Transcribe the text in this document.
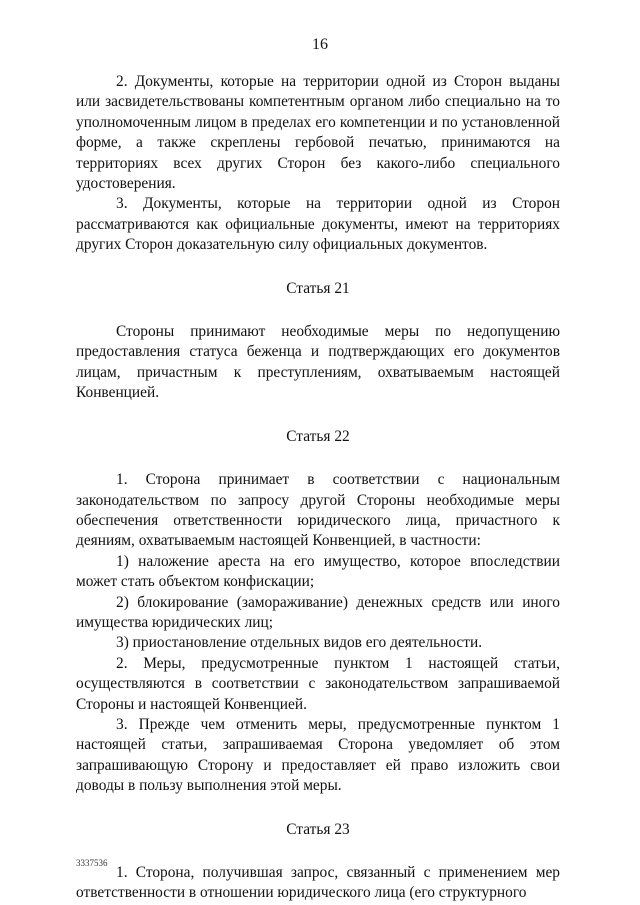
16

2. Документы, которые на территории одной из Сторон выданы или засвидетельствованы компетентным органом либо специально на то уполномоченным лицом в пределах его компетенции и по установленной форме, а также скреплены гербовой печатью, принимаются на территориях всех других Сторон без какого-либо специального удостоверения.

3. Документы, которые на территории одной из Сторон рассматриваются как официальные документы, имеют на территориях других Сторон доказательную силу официальных документов.

Статья 21

Стороны принимают необходимые меры по недопущению предоставления статуса беженца и подтверждающих его документов лицам, причастным к преступлениям, охватываемым настоящей Конвенцией.

Статья 22

1. Сторона принимает в соответствии с национальным законодательством по запросу другой Стороны необходимые меры обеспечения ответственности юридического лица, причастного к деяниям, охватываемым настоящей Конвенцией, в частности:

1) наложение ареста на его имущество, которое впоследствии может стать объектом конфискации;

2) блокирование (замораживание) денежных средств или иного имущества юридических лиц;

3) приостановление отдельных видов его деятельности.

2. Меры, предусмотренные пунктом 1 настоящей статьи, осуществляются в соответствии с законодательством запрашиваемой Стороны и настоящей Конвенцией.

3. Прежде чем отменить меры, предусмотренные пунктом 1 настоящей статьи, запрашиваемая Сторона уведомляет об этом запрашивающую Сторону и предоставляет ей право изложить свои доводы в пользу выполнения этой меры.

Статья 23

1. Сторона, получившая запрос, связанный с применением мер ответственности в отношении юридического лица (его структурного

3337536
